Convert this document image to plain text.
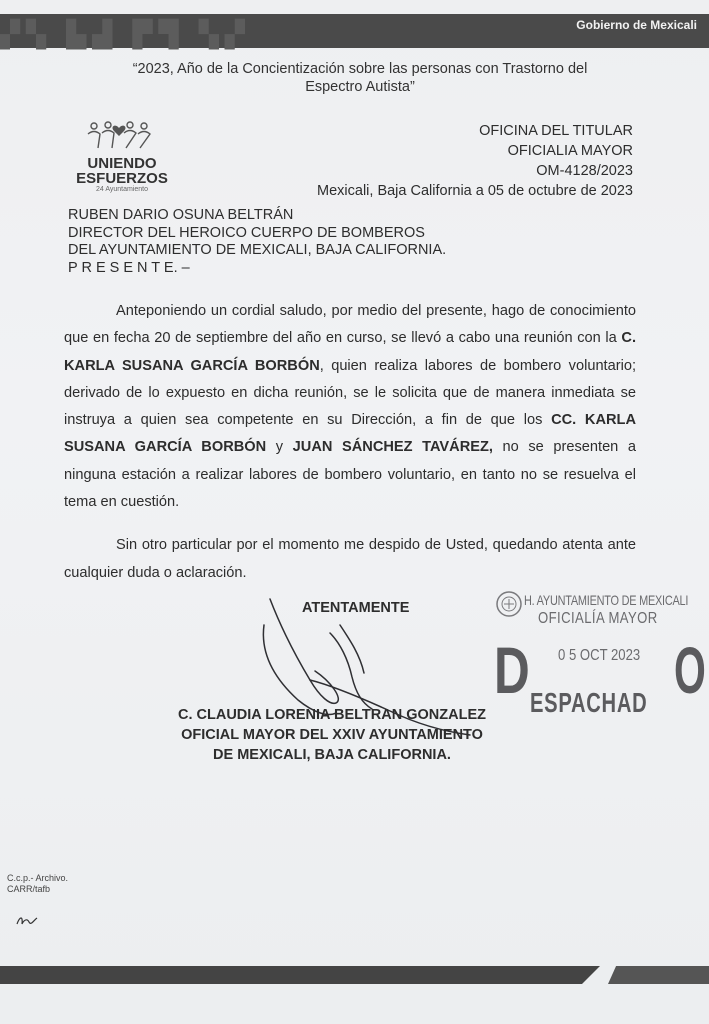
▞▚ ▙▟ ▛▜ ▚▞	Gobierno de Mexicali
“2023, Año de la Concientización sobre las personas con Trastorno del
Espectro Autista”
UNIENDO
ESFUERZOS
24 Ayuntamiento
OFICINA DEL TITULAR
OFICIALIA MAYOR
OM-4128/2023
Mexicali, Baja California a 05 de octubre de 2023
RUBEN DARIO OSUNA BELTRÁN
DIRECTOR DEL HEROICO CUERPO DE BOMBEROS
DEL AYUNTAMIENTO DE MEXICALI, BAJA CALIFORNIA.
P R E S E N T E. –

Anteponiendo un cordial saludo, por medio del presente, hago de conocimiento que en fecha 20 de septiembre del año en curso, se llevó a cabo una reunión con la C. KARLA SUSANA GARCÍA BORBÓN, quien realiza labores de bombero voluntario; derivado de lo expuesto en dicha reunión, se le solicita que de manera inmediata se instruya a quien sea competente en su Dirección, a fin de que los CC. KARLA SUSANA GARCÍA BORBÓN y JUAN SÁNCHEZ TAVÁREZ, no se presenten a ninguna estación a realizar labores de bombero voluntario, en tanto no se resuelva el tema en cuestión.

Sin otro particular por el momento me despido de Usted, quedando atenta ante cualquier duda o aclaración.

ATENTAMENTE
C. CLAUDIA LORENIA BELTRAN GONZALEZ
OFICIAL MAYOR DEL XXIV AYUNTAMIENTO
DE MEXICALI, BAJA CALIFORNIA.
H. AYUNTAMIENTO DE MEXICALI
OFICIALÍA MAYOR
0 5 OCT 2023
D ESPACHAD O
C.c.p.- Archivo.
CARR/tafb
